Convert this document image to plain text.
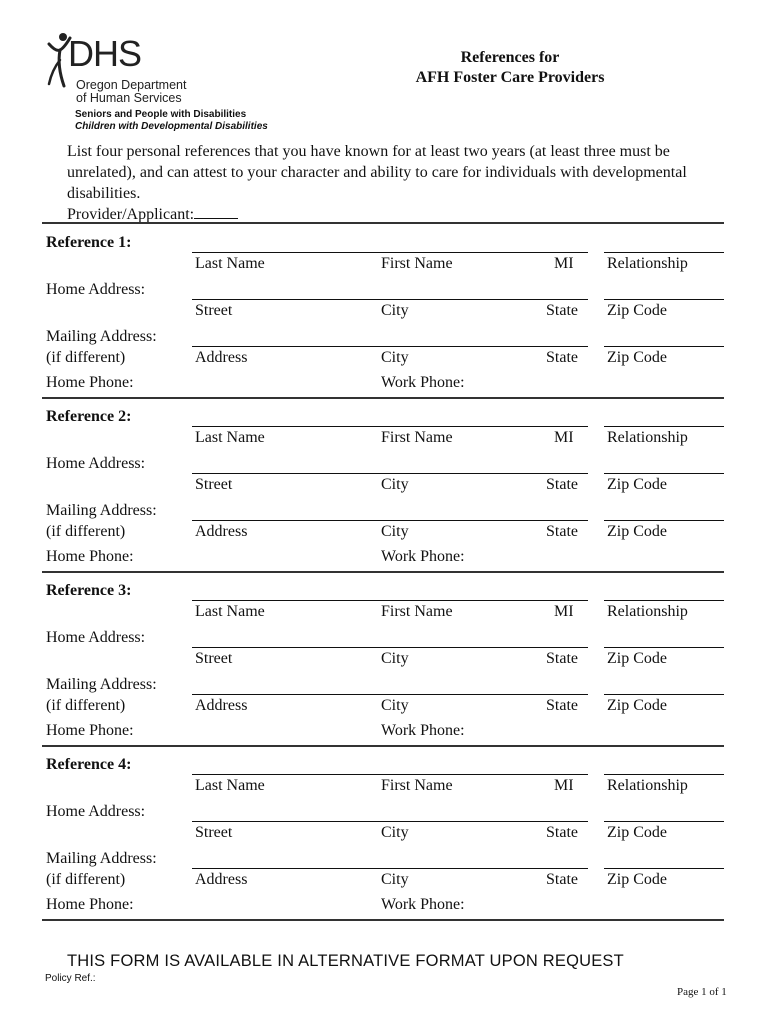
DHS
Oregon Department
of Human Services
Seniors and People with Disabilities
Children with Developmental Disabilities
References for
AFH Foster Care Providers
List four personal references that you have known for at least two years (at least three must be unrelated), and can attest to your character and ability to care for individuals with developmental disabilities.
Provider/Applicant:
Reference 1:
Last Name	First Name	MI Relationship
Home Address:
Street	City	State Zip Code
Mailing Address:
(if different)	Address	City	State Zip Code
Home Phone:	Work Phone:
Reference 2:
Last Name	First Name	MI Relationship
Home Address:
Street	City	State Zip Code
Mailing Address:
(if different)	Address	City	State Zip Code
Home Phone:	Work Phone:
Reference 3:
Last Name	First Name	MI Relationship
Home Address:
Street	City	State Zip Code
Mailing Address:
(if different)	Address	City	State Zip Code
Home Phone:	Work Phone:
Reference 4:
Last Name	First Name	MI Relationship
Home Address:
Street	City	State Zip Code
Mailing Address:
(if different)	Address	City	State Zip Code
Home Phone:	Work Phone:
THIS FORM IS AVAILABLE IN ALTERNATIVE FORMAT UPON REQUEST
Policy Ref.:
Page 1 of 1
